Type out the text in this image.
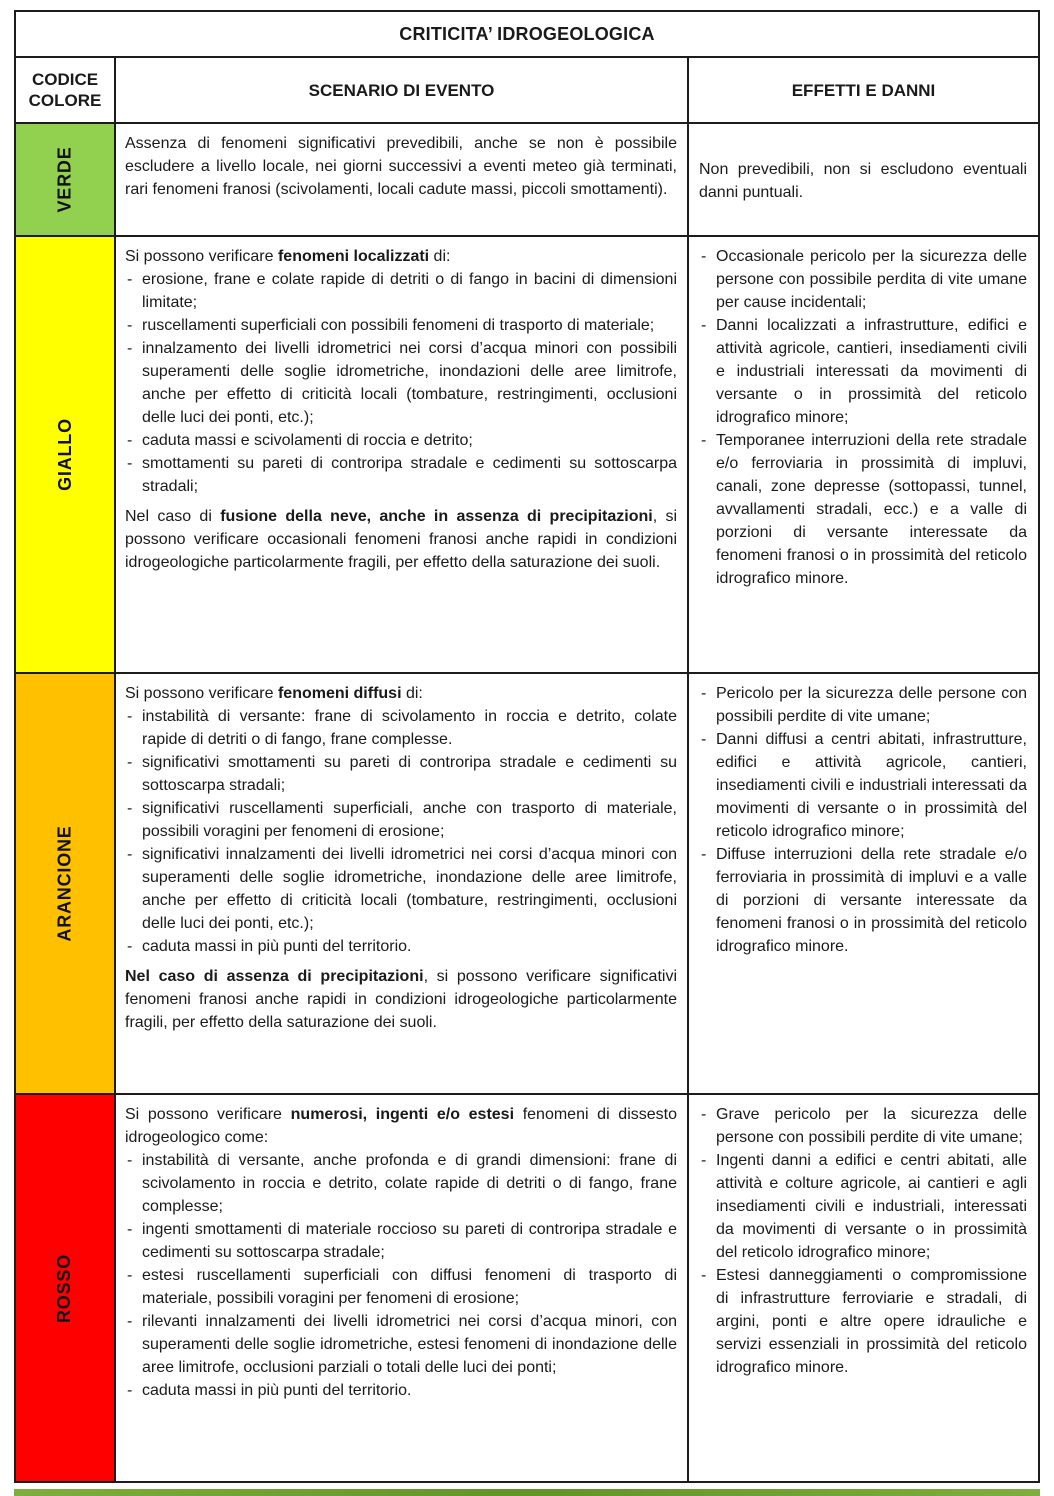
CRITICITA’ IDROGEOLOGICA
CODICE COLORE
SCENARIO DI EVENTO	EFFETTI E DANNI
VERDE

Assenza di fenomeni significativi prevedibili, anche se non è possibile escludere a livello locale, nei giorni successivi a eventi meteo già terminati, rari fenomeni franosi (scivolamenti, locali cadute massi, piccoli smottamenti).

Non prevedibili, non si escludono eventuali danni puntuali.

GIALLO

Si possono verificare fenomeni localizzati di:

- erosione, frane e colate rapide di detriti o di fango in bacini di dimensioni limitate;
- ruscellamenti superficiali con possibili fenomeni di trasporto di materiale;
- innalzamento dei livelli idrometrici nei corsi d’acqua minori con possibili superamenti delle soglie idrometriche, inondazioni delle aree limitrofe, anche per effetto di criticità locali (tombature, restringimenti, occlusioni delle luci dei ponti, etc.);
- caduta massi e scivolamenti di roccia e detrito;
- smottamenti su pareti di controripa stradale e cedimenti su sottoscarpa stradali;

Nel caso di fusione della neve, anche in assenza di precipitazioni, si possono verificare occasionali fenomeni franosi anche rapidi in condizioni idrogeologiche particolarmente fragili, per effetto della saturazione dei suoli.

- Occasionale pericolo per la sicurezza delle persone con possibile perdita di vite umane per cause incidentali;
- Danni localizzati a infrastrutture, edifici e attività agricole, cantieri, insediamenti civili e industriali interessati da movimenti di versante o in prossimità del reticolo idrografico minore;
- Temporanee interruzioni della rete stradale e/o ferroviaria in prossimità di impluvi, canali, zone depresse (sottopassi, tunnel, avvallamenti stradali, ecc.) e a valle di porzioni di versante interessate da fenomeni franosi o in prossimità del reticolo idrografico minore.
ARANCIONE

Si possono verificare fenomeni diffusi di:

- instabilità di versante: frane di scivolamento in roccia e detrito, colate rapide di detriti o di fango, frane complesse.
- significativi smottamenti su pareti di controripa stradale e cedimenti su sottoscarpa stradali;
- significativi ruscellamenti superficiali, anche con trasporto di materiale, possibili voragini per fenomeni di erosione;
- significativi innalzamenti dei livelli idrometrici nei corsi d’acqua minori con superamenti delle soglie idrometriche, inondazione delle aree limitrofe, anche per effetto di criticità locali (tombature, restringimenti, occlusioni delle luci dei ponti, etc.);
- caduta massi in più punti del territorio.

Nel caso di assenza di precipitazioni, si possono verificare significativi fenomeni franosi anche rapidi in condizioni idrogeologiche particolarmente fragili, per effetto della saturazione dei suoli.

- Pericolo per la sicurezza delle persone con possibili perdite di vite umane;
- Danni diffusi a centri abitati, infrastrutture, edifici e attività agricole, cantieri, insediamenti civili e industriali interessati da movimenti di versante o in prossimità del reticolo idrografico minore;
- Diffuse interruzioni della rete stradale e/o ferroviaria in prossimità di impluvi e a valle di porzioni di versante interessate da fenomeni franosi o in prossimità del reticolo idrografico minore.
ROSSO

Si possono verificare numerosi, ingenti e/o estesi fenomeni di dissesto idrogeologico come:

- instabilità di versante, anche profonda e di grandi dimensioni: frane di scivolamento in roccia e detrito, colate rapide di detriti o di fango, frane complesse;
- ingenti smottamenti di materiale roccioso su pareti di controripa stradale e cedimenti su sottoscarpa stradale;
- estesi ruscellamenti superficiali con diffusi fenomeni di trasporto di materiale, possibili voragini per fenomeni di erosione;
- rilevanti innalzamenti dei livelli idrometrici nei corsi d’acqua minori, con superamenti delle soglie idrometriche, estesi fenomeni di inondazione delle aree limitrofe, occlusioni parziali o totali delle luci dei ponti;
- caduta massi in più punti del territorio.
- Grave pericolo per la sicurezza delle persone con possibili perdite di vite umane;
- Ingenti danni a edifici e centri abitati, alle attività e colture agricole, ai cantieri e agli insediamenti civili e industriali, interessati da movimenti di versante o in prossimità del reticolo idrografico minore;
- Estesi danneggiamenti o compromissione di infrastrutture ferroviarie e stradali, di argini, ponti e altre opere idrauliche e servizi essenziali in prossimità del reticolo idrografico minore.
